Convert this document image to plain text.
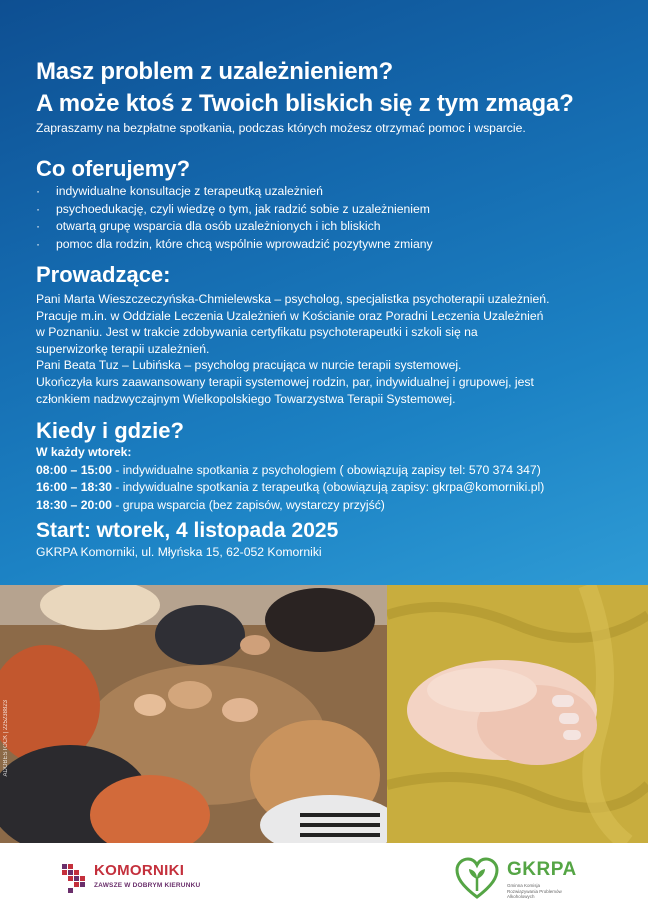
Masz problem z uzależnieniem?
A może ktoś z Twoich bliskich się z tym zmaga?
Zapraszamy na bezpłatne spotkania, podczas których możesz otrzymać pomoc i wsparcie.
Co oferujemy?
· indywidualne konsultacje z terapeutką uzależnień
· psychoedukację, czyli wiedzę o tym, jak radzić sobie z uzależnieniem
· otwartą grupę wsparcia dla osób uzależnionych i ich bliskich
· pomoc dla rodzin, które chcą wspólnie wprowadzić pozytywne zmiany
Prowadzące:

Pani Marta Wieszczeczyńska-Chmielewska – psycholog, specjalistka psychoterapii uzależnień.

Pracuje m.in. w Oddziale Leczenia Uzależnień w Kościanie oraz Poradni Leczenia Uzależnień

w Poznaniu. Jest w trakcie zdobywania certyfikatu psychoterapeutki i szkoli się na

superwizorkę terapii uzależnień.

Pani Beata Tuz – Lubińska – psycholog pracująca w nurcie terapii systemowej.

Ukończyła kurs zaawansowany terapii systemowej rodzin, par, indywidualnej i grupowej, jest

członkiem nadzwyczajnym Wielkopolskiego Towarzystwa Terapii Systemowej.

Kiedy i gdzie?
W każdy wtorek:
08:00 – 15:00 - indywidualne spotkania z psychologiem ( obowiązują zapisy tel: 570 374 347)
16:00 – 18:30 - indywidualne spotkania z terapeutką (obowiązują zapisy: gkrpa@komorniki.pl)
18:30 – 20:00 - grupa wsparcia (bez zapisów, wystarczy przyjść)
Start: wtorek, 4 listopada 2025
GKRPA Komorniki, ul. Młyńska 15, 62-052 Komorniki
ADOBESTOCK | 225238823
KOMORNIKI
ZAWSZE W DOBRYM KIERUNKU
GKRPA
Gminna Komisja Rozwiązywania Problemów Alkoholowych
